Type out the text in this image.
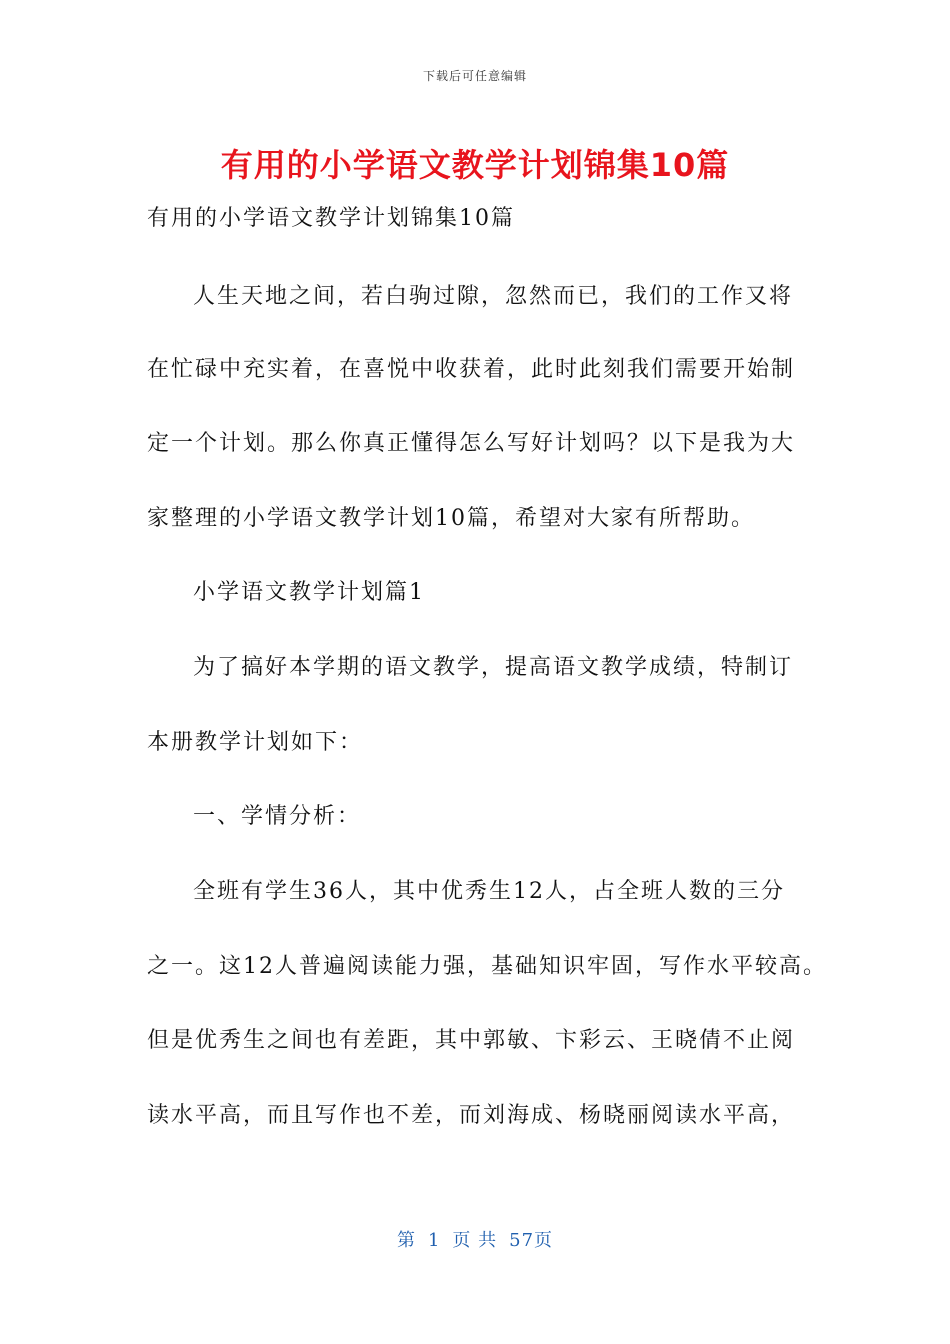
下载后可任意编辑
有用的小学语文教学计划锦集10篇
有用的小学语文教学计划锦集10篇
人生天地之间，若白驹过隙，忽然而已，我们的工作又将
在忙碌中充实着，在喜悦中收获着，此时此刻我们需要开始制
定一个计划。那么你真正懂得怎么写好计划吗？以下是我为大
家整理的小学语文教学计划10篇，希望对大家有所帮助。
小学语文教学计划篇1
为了搞好本学期的语文教学，提高语文教学成绩，特制订
本册教学计划如下：
一、学情分析：
全班有学生36人，其中优秀生12人，占全班人数的三分
之一。这12人普遍阅读能力强，基础知识牢固，写作水平较高。
但是优秀生之间也有差距，其中郭敏、卞彩云、王晓倩不止阅
读水平高，而且写作也不差，而刘海成、杨晓丽阅读水平高，
第 1 页 共 57页
